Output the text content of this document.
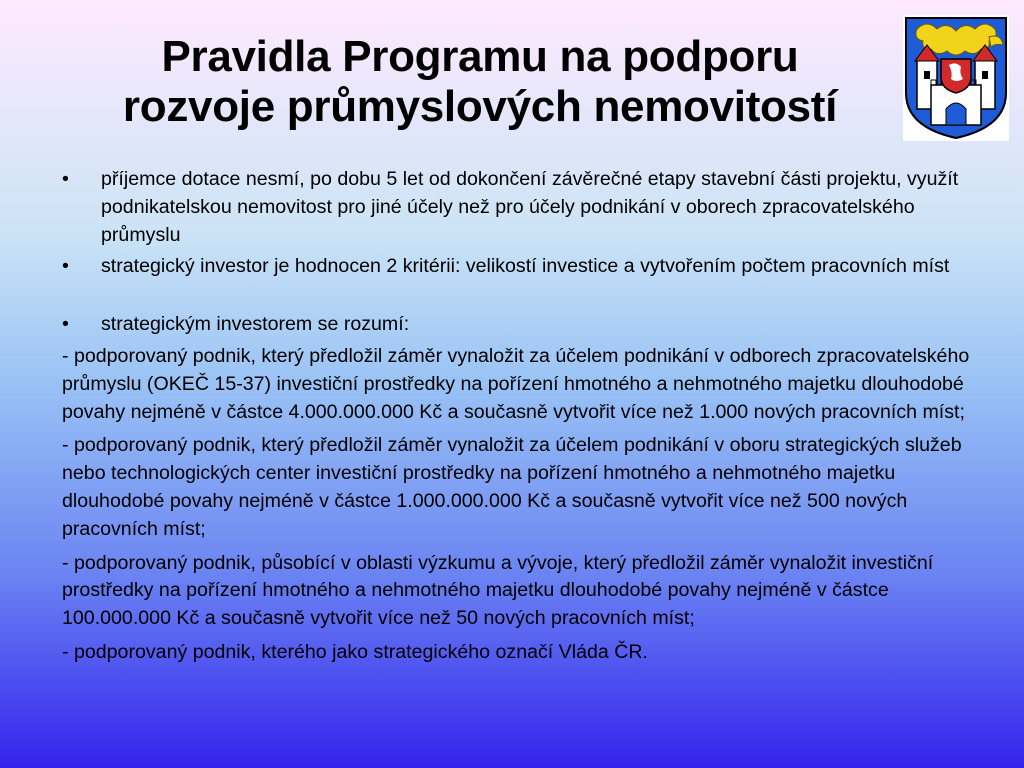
Pravidla Programu na podporu
rozvoje průmyslových nemovitostí
• příjemce dotace nesmí, po dobu 5 let od dokončení závěrečné etapy stavební části projektu, využít podnikatelskou nemovitost pro jiné účely než pro účely podnikání v oborech zpracovatelského průmyslu
• strategický investor je hodnocen 2 kritérii: velikostí investice a vytvořením počtem pracovních míst
• strategickým investorem se rozumí:

- podporovaný podnik, který předložil záměr vynaložit za účelem podnikání v odborech zpracovatelského průmyslu (OKEČ 15-37) investiční prostředky na pořízení hmotného a nehmotného majetku dlouhodobé povahy nejméně v částce 4.000.000.000 Kč a současně vytvořit více než 1.000 nových pracovních míst;

- podporovaný podnik, který předložil záměr vynaložit za účelem podnikání v oboru strategických služeb nebo technologických center investiční prostředky na pořízení hmotného a nehmotného majetku dlouhodobé povahy nejméně v částce 1.000.000.000 Kč a současně vytvořit více než 500 nových pracovních míst;

- podporovaný podnik, působící v oblasti výzkumu a vývoje, který předložil záměr vynaložit investiční prostředky na pořízení hmotného a nehmotného majetku dlouhodobé povahy nejméně v částce 100.000.000 Kč a současně vytvořit více než 50 nových pracovních míst;

- podporovaný podnik, kterého jako strategického označí Vláda ČR.
